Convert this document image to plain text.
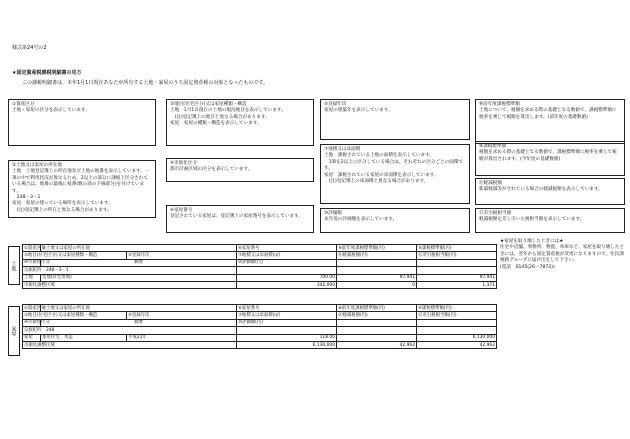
様式第24号の2
★固定資産税課税明細書の見方
この課税明細書は、本年1月1日現在あなたが所有する土地・家屋のうち固定資産税の対象となったものです。
①資産区分
土地・家屋の区分を表示しています。
③地目(住宅区分)又は家屋種類・構造
土地　1月1日現在の土地の現況地目を表示しています。
　(注)登記簿上の地目と異なる場合があります。
家屋　家屋の種類・構造を表示しています。
⑤登録年次
家屋の建築年を表示しています。
⑧前年度課税標準額
土地について、税額を求める際の基礎となる数値で、課税標準額に税率を乗じて税額を算出します。(前年度の基礎数値)
②土地又は家屋の所在地
土地　土地登記簿上の所在地及び土地の地番を表示しています。一筆の中で利用状況が異なるため、2以上の部分に課税上区分されている場合は、地番の最後に枝番(数の前の下線部分)を付けています。
　248－3－1
家屋　家屋の建っている場所を表示しています。
　(注)登記簿上の所在と異なる場合があります。
④市街化区分
都市計画区域の区分を表示しています。
⑦地積又は床面積
土地　課税されている土地の面積を表示しています。
　1筆を2以上に区分している場合は、それぞれの区分ごとの面積です。
家屋　課税されている家屋の床面積を表示しています。
　(注)登記簿上の床面積と異なる場合があります。
⑨課税標準額
税額を求める際の基礎となる数値で、課税標準額に税率を乗じて税額が算出されます。(今年度の基礎数値)
⑥家屋番号
登記されている家屋は、登記簿上の家屋番号を表示しています。
⑩評価額
本年度の評価額を表示しています。
⑪軽減税額
新築軽減等がされている場合の軽減税額を表示しています。
⑫差引税相当額
軽減税額を差し引いた税相当額を表示しています。
土地
①資産区分	②土地又は家屋の所在地		⑥家屋番号	⑧前年度課税標準額(円)	⑨課税標準額(円)
③地目(住宅区分)又は家屋種類・構造		⑤登録年次	⑦地積又は床面積(㎡)	⑪軽減税額(円)	⑫差引税相当額(円)
④市街化区分	摘要		⑩評価額(円)		
宗族町四　248－3－1					
土地	宅地(住宅用地)		700.00	97,941	97,941
市街化調整区域			342,000	0	1,371
家屋
①資産区分	②土地又は家屋の所在地		⑥家屋番号	⑧前年度課税標準額(円)	⑨課税標準額(円)
③地目(住宅区分)又は家屋種類・構造		⑤登録年次	⑦地積又は床面積(㎡)	⑪軽減税額(円)	⑫差引税相当額(円)
④市街化区分	摘要		⑩評価額(円)		
宗族町四　248					
家屋	専用住宅　木造	平成21年	118.00		6,130,000
市街化調整区域			6,130,000	42,962	42,962
★家屋を取り壊したときには★
住宅や店舗、事務所、物置、車庫など、家屋を取り壊したときには、翌年から固定資産税が変更になりますので、住民課税務グループに届け出をして下さい。
(電話　0145(26－7872))
